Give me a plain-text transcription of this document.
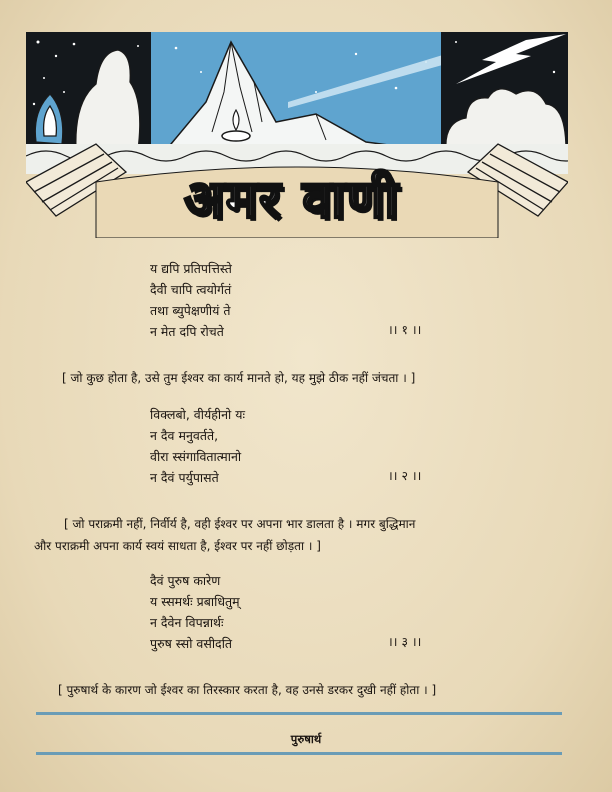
अमर वाणी
य द्यपि प्रतिपत्तिस्ते
दैवी चापि त्वयोर्गतं
तथा ब्युपेक्षणीयं ते
न मेत दपि रोचते	।। १ ।।
[ जो कुछ होता है, उसे तुम ईश्वर का कार्य मानते हो, यह मुझे ठीक नहीं जंचता । ]
विक्लबो, वीर्यहीनो यः
न दैव मनुवर्तते,
वीरा स्संगावितात्मानो
न दैवं पर्युपासते	।। २ ।।
[ जो पराक्रमी नहीं, निर्वीर्य है, वही ईश्वर पर अपना भार डालता है । मगर बुद्धिमान
और पराक्रमी अपना कार्य स्वयं साधता है, ईश्वर पर नहीं छोड़ता । ]
दैवं पुरुष कारेण
य स्समर्थः प्रबाधितुम्
न दैवेन विपन्नार्थः
पुरुष स्सो वसीदति	।। ३ ।।
[ पुरुषार्थ के कारण जो ईश्वर का तिरस्कार करता है, वह उनसे डरकर दुखी नहीं होता । ]
पुरुषार्थ
